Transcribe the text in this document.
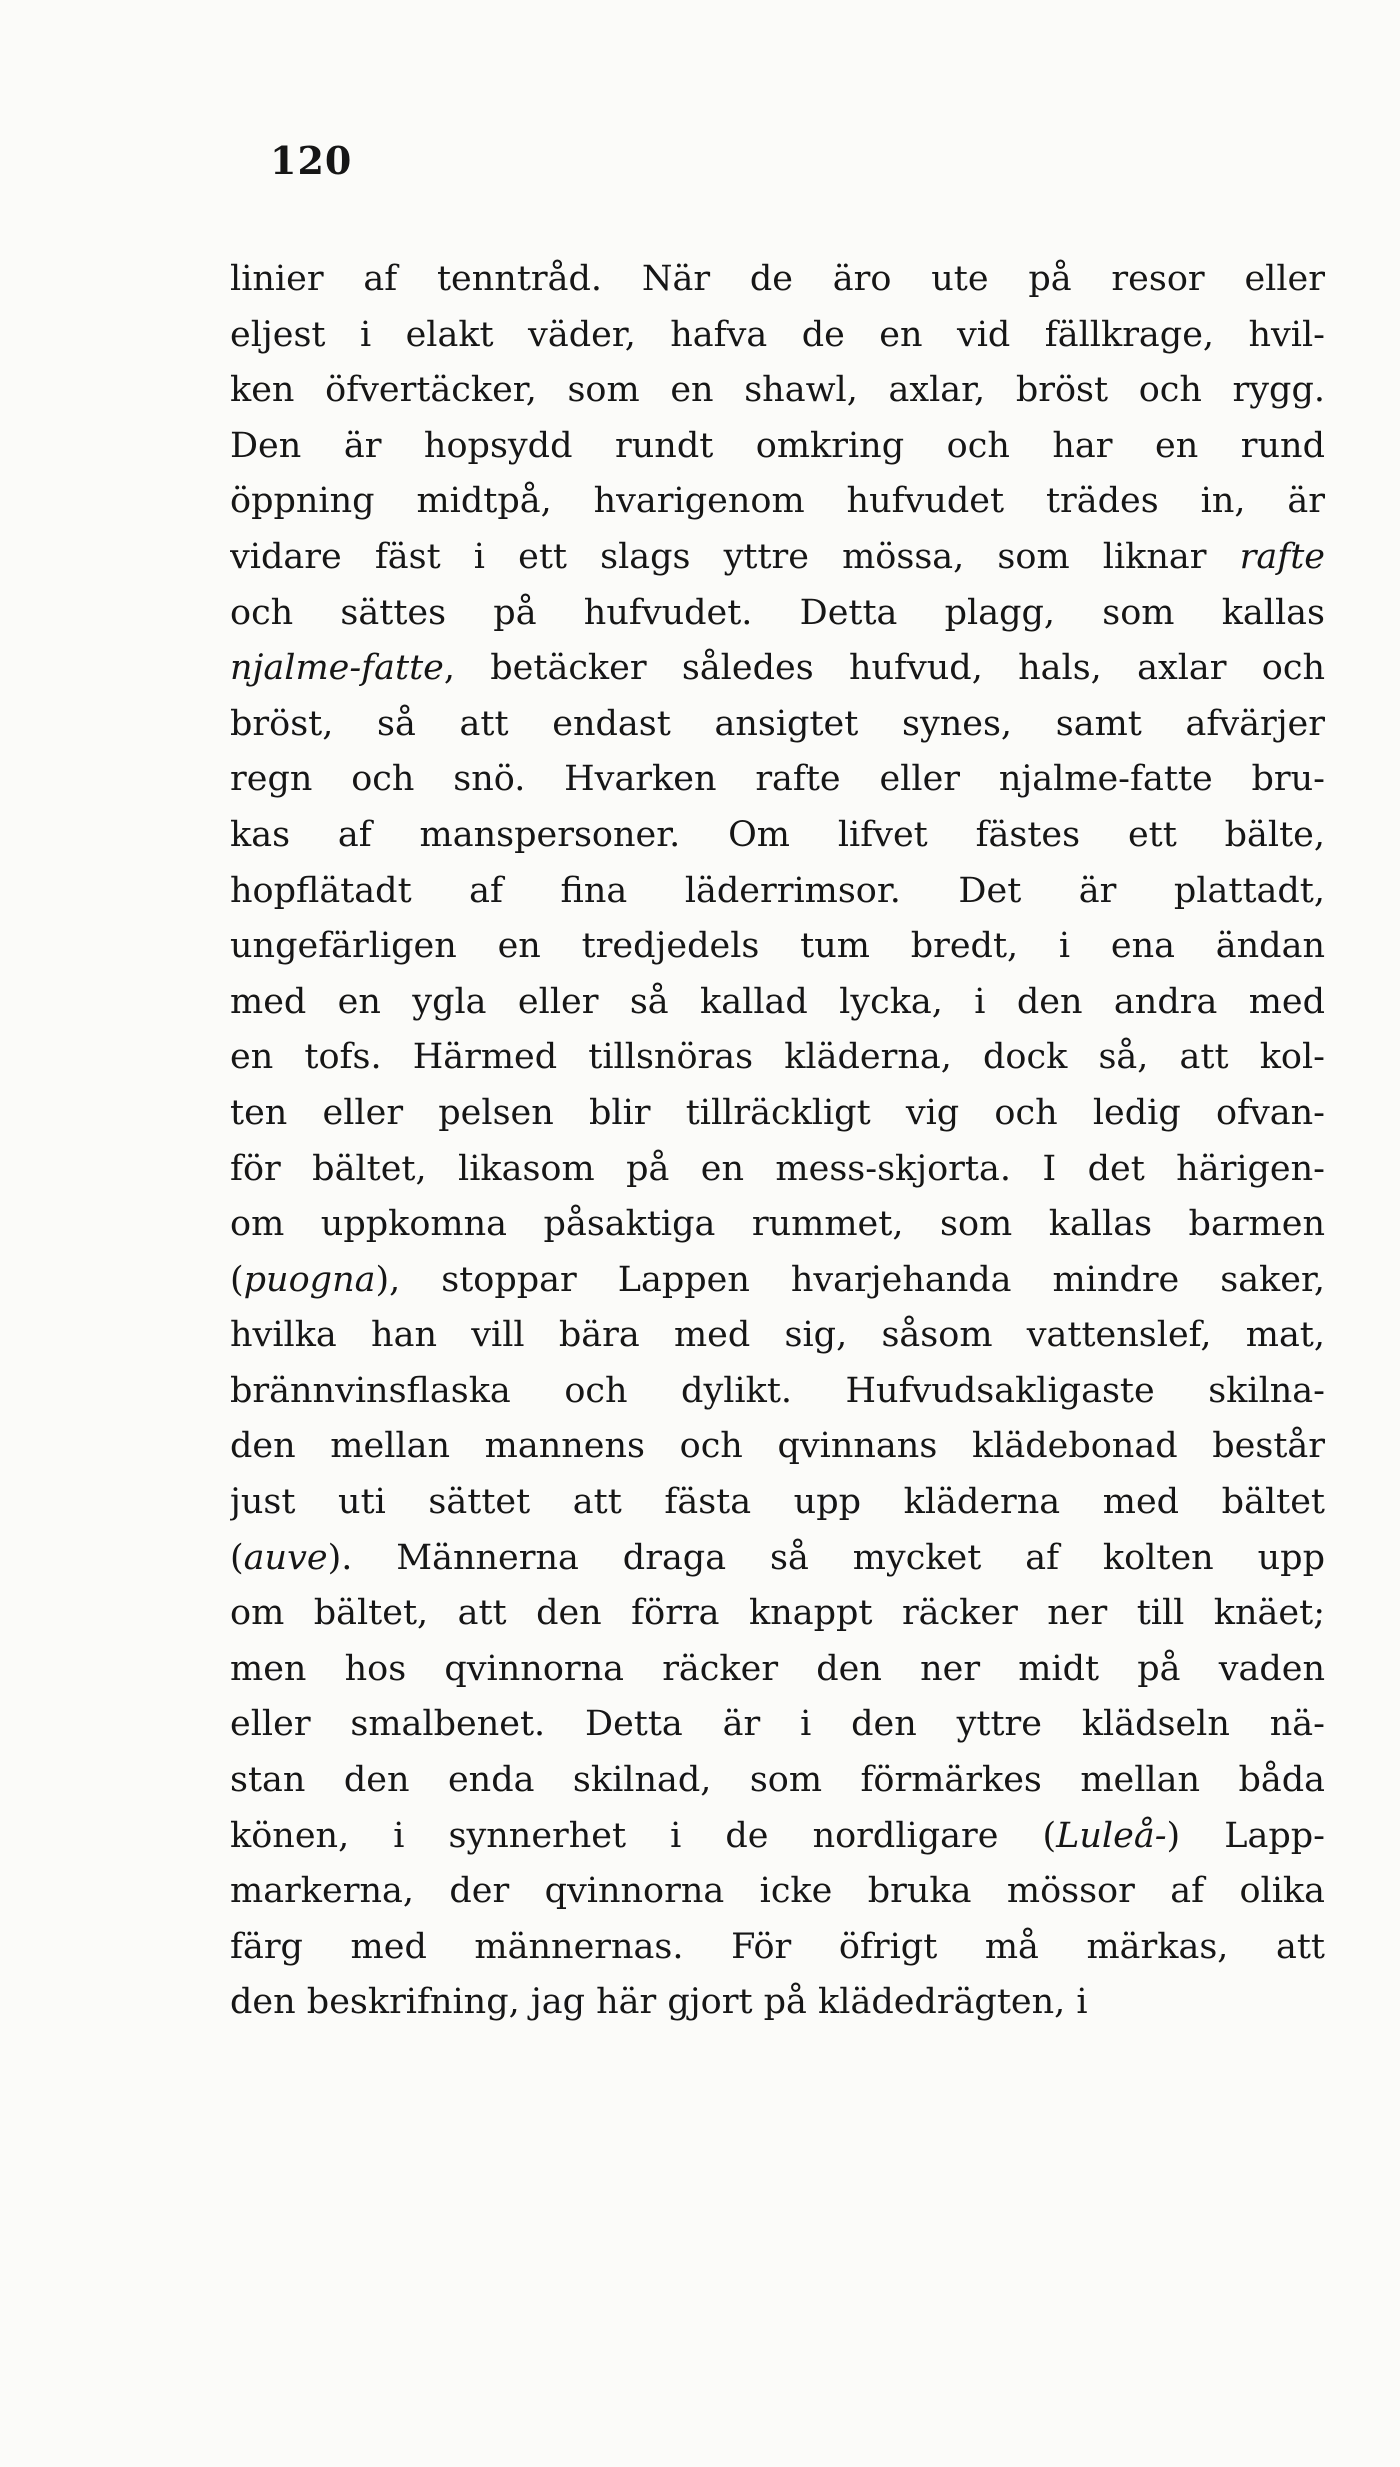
120
linier af tenntråd. När de äro ute på resor eller
eljest i elakt väder, hafva de en vid fällkrage, hvil-
ken öfvertäcker, som en shawl, axlar, bröst och rygg.
Den är hopsydd rundt omkring och har en rund
öppning midtpå, hvarigenom hufvudet trädes in, är
vidare fäst i ett slags yttre mössa, som liknar rafte
och sättes på hufvudet. Detta plagg, som kallas
njalme-fatte, betäcker således hufvud, hals, axlar och
bröst, så att endast ansigtet synes, samt afvärjer
regn och snö. Hvarken rafte eller njalme-fatte bru-
kas af manspersoner. Om lifvet fästes ett bälte,
hopflätadt af fina läderrimsor. Det är plattadt,
ungefärligen en tredjedels tum bredt, i ena ändan
med en ygla eller så kallad lycka, i den andra med
en tofs. Härmed tillsnöras kläderna, dock så, att kol-
ten eller pelsen blir tillräckligt vig och ledig ofvan-
för bältet, likasom på en mess-skjorta. I det härigen-
om uppkomna påsaktiga rummet, som kallas barmen
(puogna), stoppar Lappen hvarjehanda mindre saker,
hvilka han vill bära med sig, såsom vattenslef, mat,
brännvinsflaska och dylikt. Hufvudsakligaste skilna-
den mellan mannens och qvinnans klädebonad består
just uti sättet att fästa upp kläderna med bältet
(auve). Männerna draga så mycket af kolten upp
om bältet, att den förra knappt räcker ner till knäet;
men hos qvinnorna räcker den ner midt på vaden
eller smalbenet. Detta är i den yttre klädseln nä-
stan den enda skilnad, som förmärkes mellan båda
könen, i synnerhet i de nordligare (Luleå-) Lapp-
markerna, der qvinnorna icke bruka mössor af olika
färg med männernas. För öfrigt må märkas, att
den beskrifning, jag här gjort på klädedrägten, i
